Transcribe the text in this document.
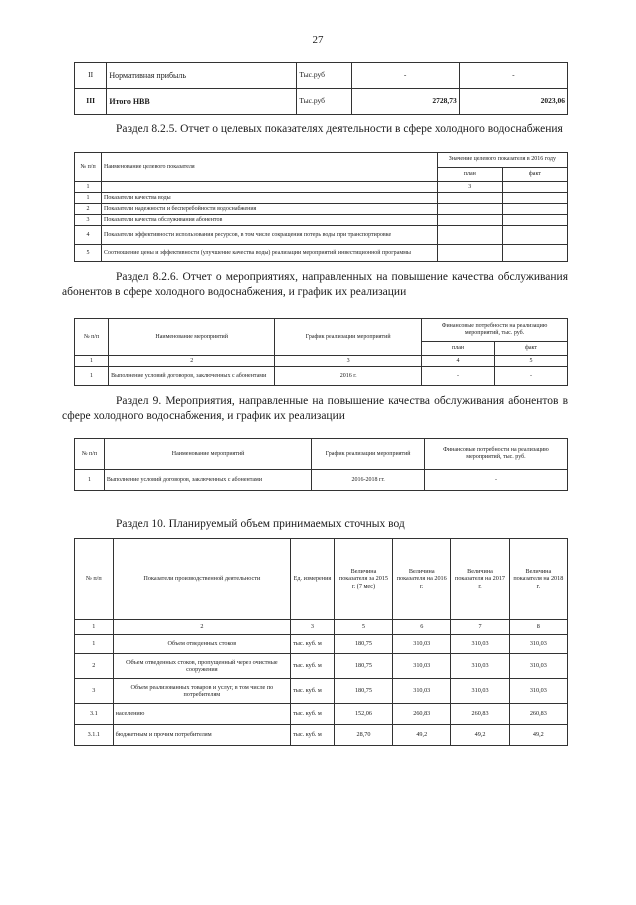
27
II	Нормативная прибыль	Тыс.руб	-	-
III	Итого НВВ	Тыс.руб	2728,73	2023,06
Раздел 8.2.5. Отчет о целевых показателях деятельности в сфере холодного водоснабжения
№ п/п	Наименование целевого показателя	Значение целевого показателя в 2016 году	
		план	факт
1		3	
1	Показатели качества воды		
2	Показатели надежности и бесперебойности водоснабжения		
3	Показатели качества обслуживания абонентов		
4	Показатели эффективности использования ресурсов, в том числе сокращения потерь воды при транспортировке		
5	Соотношение цены и эффективности (улучшение качества воды) реализации мероприятий инвестиционной программы		
Раздел 8.2.6. Отчет о мероприятиях, направленных на повышение качества обслуживания абонентов в сфере холодного водоснабжения, и график их реализации
№ п/п	Наименование мероприятий	График реализации мероприятий	Финансовые потребности на реализацию мероприятий, тыс. руб.	
			план	факт
1	2	3	4	5
1	Выполнение условий договоров, заключенных с абонентами	2016 г.	-	-
Раздел 9. Мероприятия, направленные на повышение качества обслуживания абонентов в сфере холодного водоснабжения, и график их реализации
№ п/п	Наименование мероприятий	График реализации мероприятий	Финансовые потребности на реализацию мероприятий, тыс. руб.
1	Выполнение условий договоров, заключенных с абонентами	2016-2018 гг.	-
Раздел 10. Планируемый объем принимаемых сточных вод
№ п/п	Показатели производственной деятельности	Ед. измерения	Величина показателя за 2015 г. (7 мес)	Величина показателя на 2016 г.	Величина показателя на 2017 г.	Величина показателя на 2018 г.
1	2	3	5	6	7	8
1	Объем отведенных стоков	тыс. куб. м	180,75	310,03	310,03	310,03
2	Объем отведенных стоков, пропущенный через очистные сооружения	тыс. куб. м	180,75	310,03	310,03	310,03
3	Объем реализованных товаров и услуг, в том числе по потребителям	тыс. куб. м	180,75	310,03	310,03	310,03
3.1	населению	тыс. куб. м	152,06	260,83	260,83	260,83
3.1.1	бюджетным и прочим потребителям	тыс. куб. м	28,70	49,2	49,2	49,2
